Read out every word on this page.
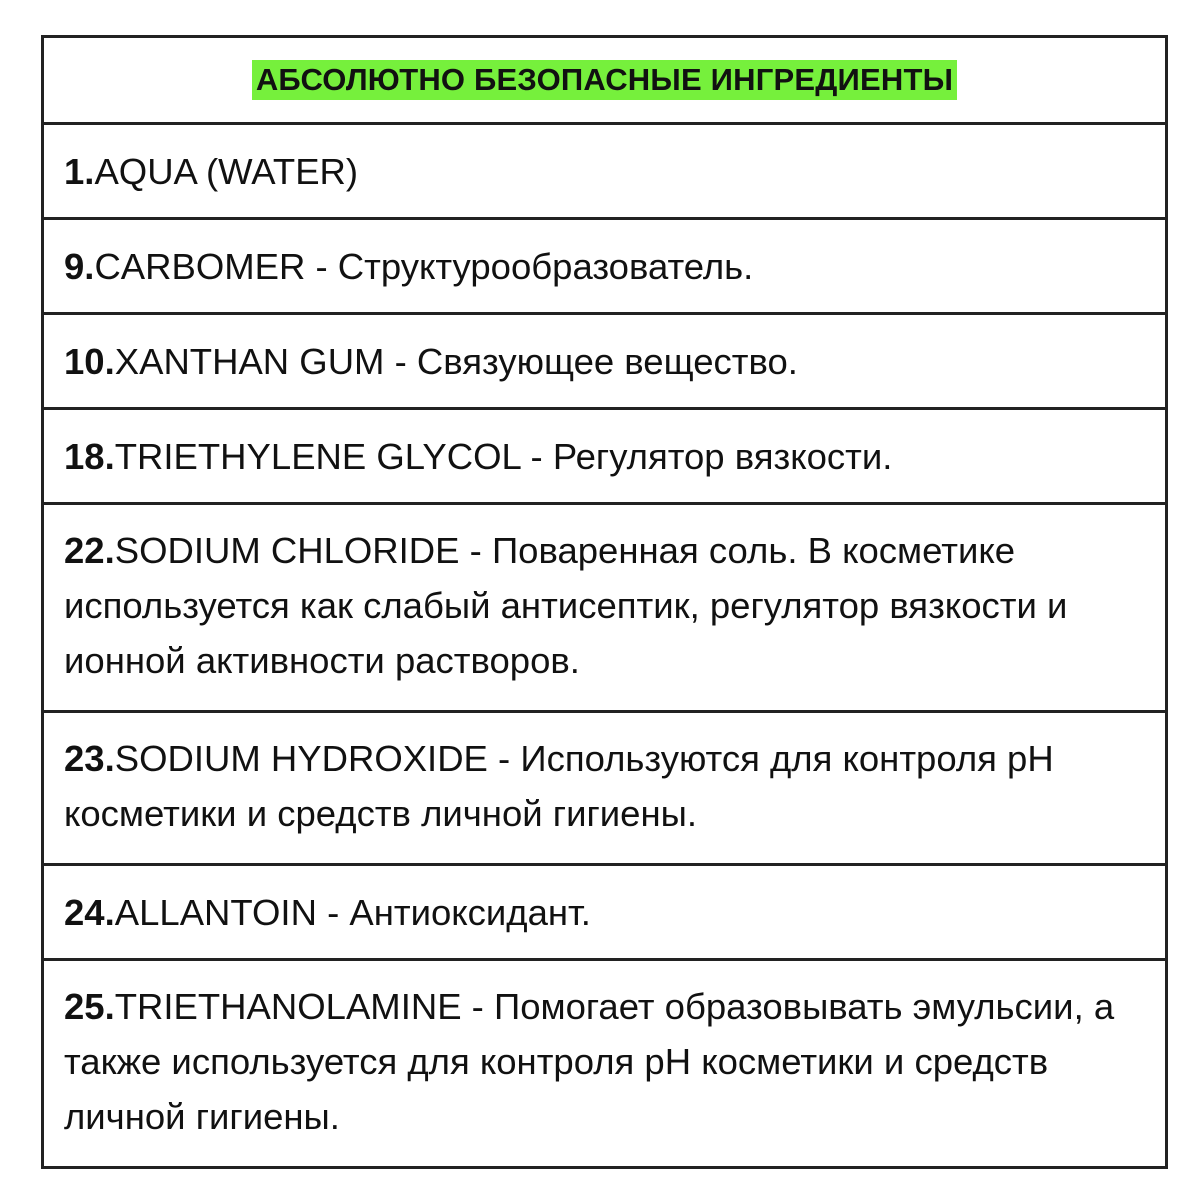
АБСОЛЮТНО БЕЗОПАСНЫЕ ИНГРЕДИЕНТЫ
1.AQUA (WATER)
9.CARBOMER - Структурообразователь.
10.XANTHAN GUM - Связующее вещество.
18.TRIETHYLENE GLYCOL - Регулятор вязкости.
22.SODIUM CHLORIDE - Поваренная соль. В косметике используется как слабый антисептик, регулятор вязкости и ионной активности растворов.
23.SODIUM HYDROXIDE - Используются для контроля pH косметики и средств личной гигиены.
24.ALLANTOIN - Антиоксидант.
25.TRIETHANOLAMINE - Помогает образовывать эмульсии, а также используется для контроля pH косметики и средств личной гигиены.
